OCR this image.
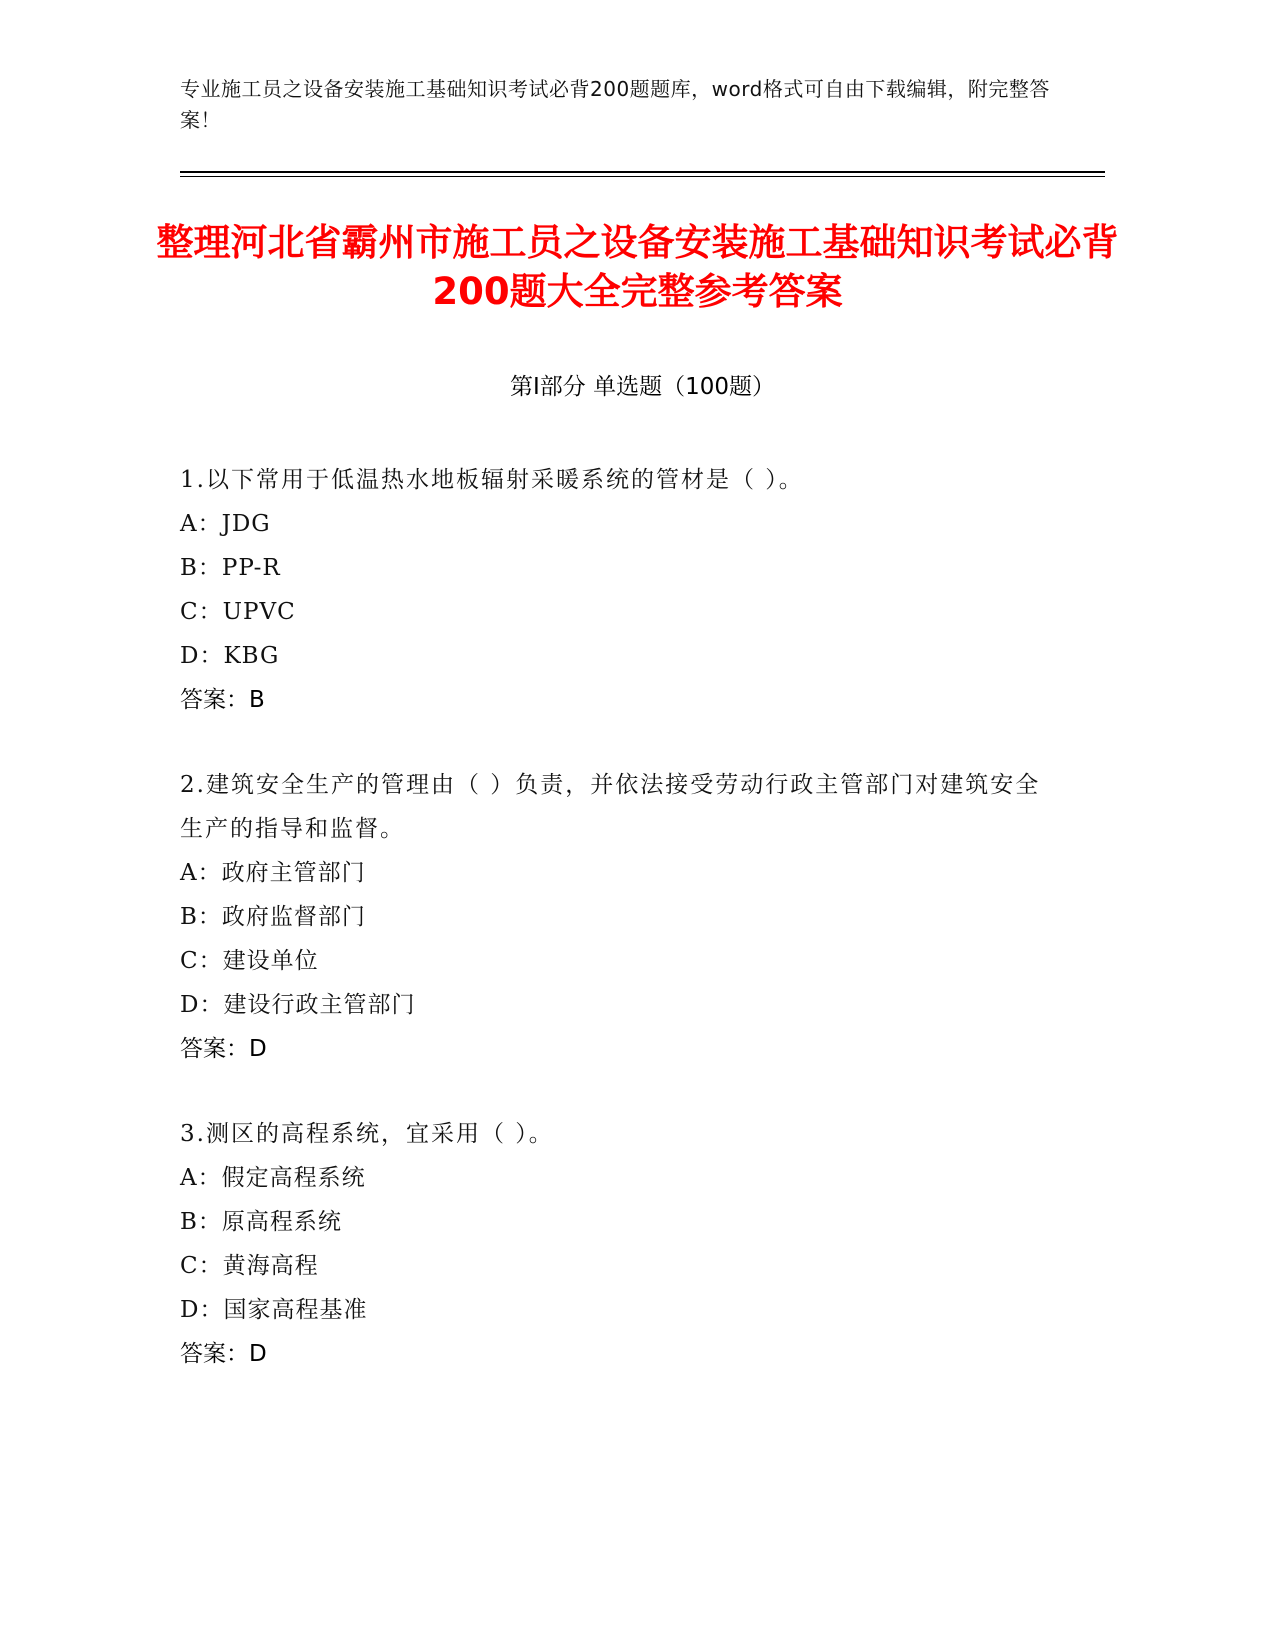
专业施工员之设备安装施工基础知识考试必背200题题库，word格式可自由下载编辑，附完整答案！
整理河北省霸州市施工员之设备安装施工基础知识考试必背200题大全完整参考答案
第Ⅰ部分 单选题（100题）

1.以下常用于低温热水地板辐射采暖系统的管材是（ ）。

A：JDG

B：PP-R

C：UPVC

D：KBG

答案：B

2.建筑安全生产的管理由（ ）负责，并依法接受劳动行政主管部门对建筑安全生产的指导和监督。

A：政府主管部门

B：政府监督部门

C：建设单位

D：建设行政主管部门

答案：D

3.测区的高程系统，宜采用（ ）。

A：假定高程系统

B：原高程系统

C：黄海高程

D：国家高程基准

答案：D
